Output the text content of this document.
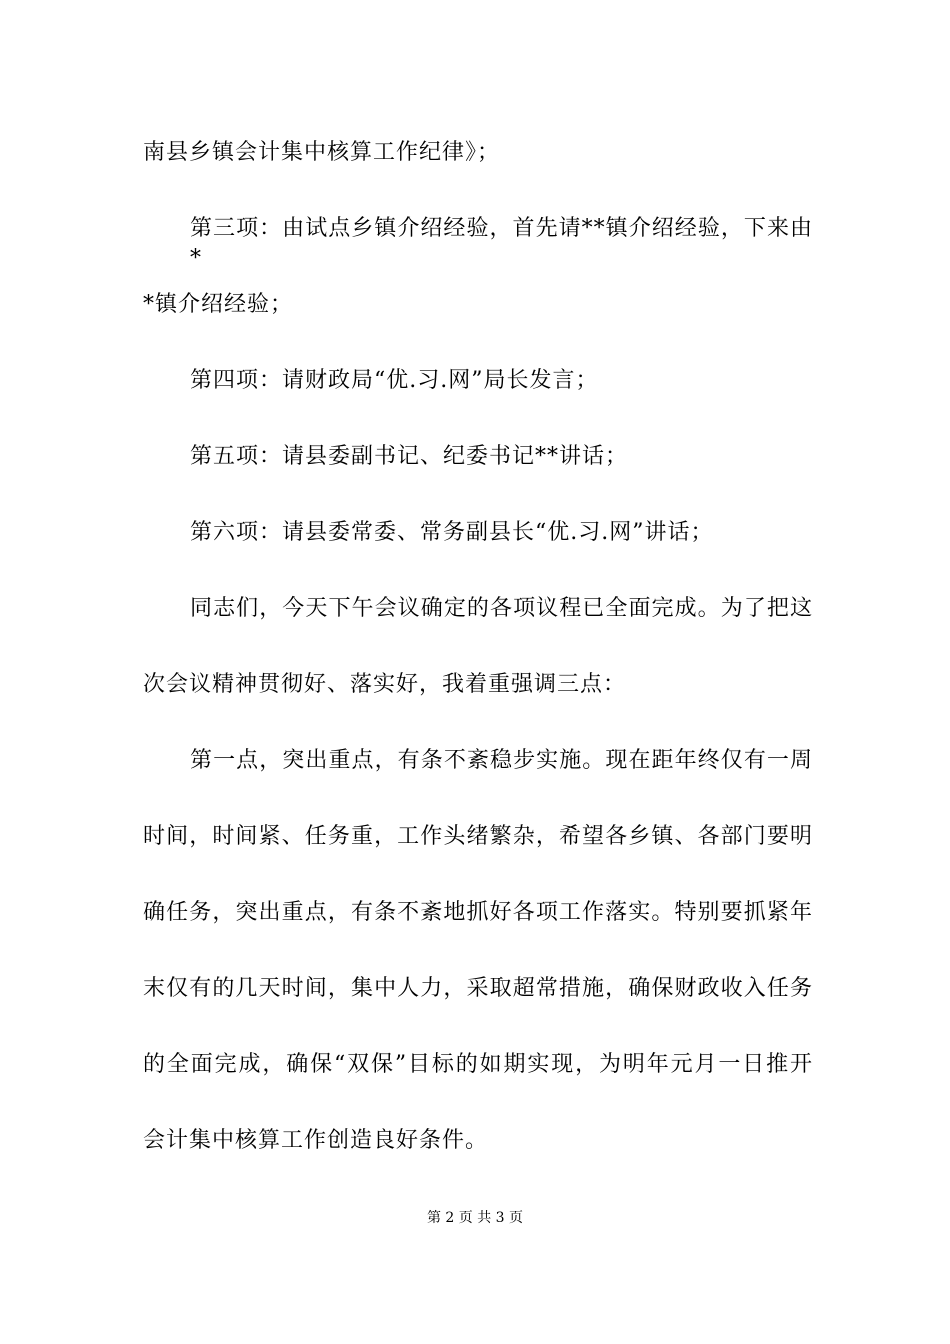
南县乡镇会计集中核算工作纪律》；
第三项：由试点乡镇介绍经验，首先请**镇介绍经验，下来由*
*镇介绍经验；
第四项：请财政局“优.习.网”局长发言；
第五项：请县委副书记、纪委书记**讲话；
第六项：请县委常委、常务副县长“优.习.网”讲话；
同志们，今天下午会议确定的各项议程已全面完成。为了把这
次会议精神贯彻好、落实好，我着重强调三点：
第一点，突出重点，有条不紊稳步实施。现在距年终仅有一周
时间，时间紧、任务重，工作头绪繁杂，希望各乡镇、各部门要明
确任务，突出重点，有条不紊地抓好各项工作落实。特别要抓紧年
末仅有的几天时间，集中人力，采取超常措施，确保财政收入任务
的全面完成，确保“双保”目标的如期实现，为明年元月一日推开
会计集中核算工作创造良好条件。
第 2 页 共 3 页
